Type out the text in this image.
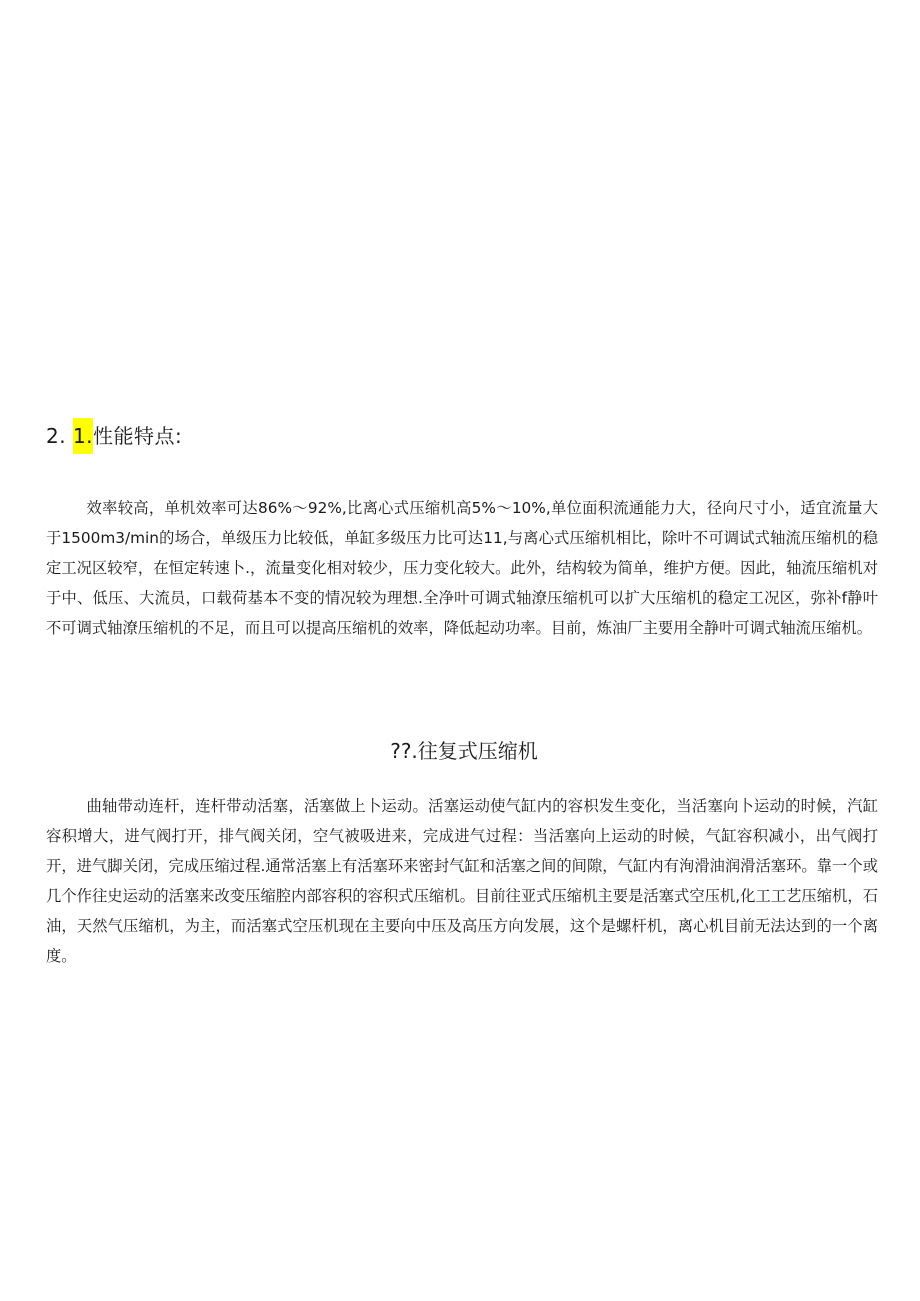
2. 1.性能特点:

效率较高，单机效率可达86%〜92%,比离心式压缩机高5%〜10%,单位面积流通能力大，径向尺寸小，适宜流量大于1500m3/min的场合，单级压力比较低，单缸多级压力比可达11,与离心式压缩机相比，除叶不可调试式轴流压缩机的稳定工况区较窄，在恒定转速卜.，流量变化相对较少，压力变化较大。此外，结构较为简单，维护方便。因此，轴流压缩机对于中、低压、大流员，口载荷基本不变的情况较为理想.全净叶可调式轴潦压缩机可以扩大压缩机的稳定工况区，弥补f静叶不可调式轴潦压缩机的不足，而且可以提高压缩机的效率，降低起动功率。目前，炼油厂主要用全静叶可调式轴流压缩机。

??.往复式压缩机

曲轴带动连杆，连杆带动活塞，活塞做上卜运动。活塞运动使气缸内的容枳发生变化，当活塞向卜运动的时候，汽缸容积增大，进气阀打开，排气阀关闭，空气被吸进来，完成进气过程：当活塞向上运动的时候，气缸容积减小，出气阀打开，进气脚关闭，完成压缩过程.通常活塞上有活塞环来密封气缸和活塞之间的间隙，气缸内有洵滑油润滑活塞环。靠一个或几个作往史运动的活塞来改变压缩腔内部容积的容积式压缩机。目前往亚式压缩机主要是活塞式空压机,化工工艺压缩机，石油，天然气压缩机，为主，而活塞式空压机现在主要向中压及高压方向发展，这个是螺杆机，离心机目前无法达到的一个离度。
